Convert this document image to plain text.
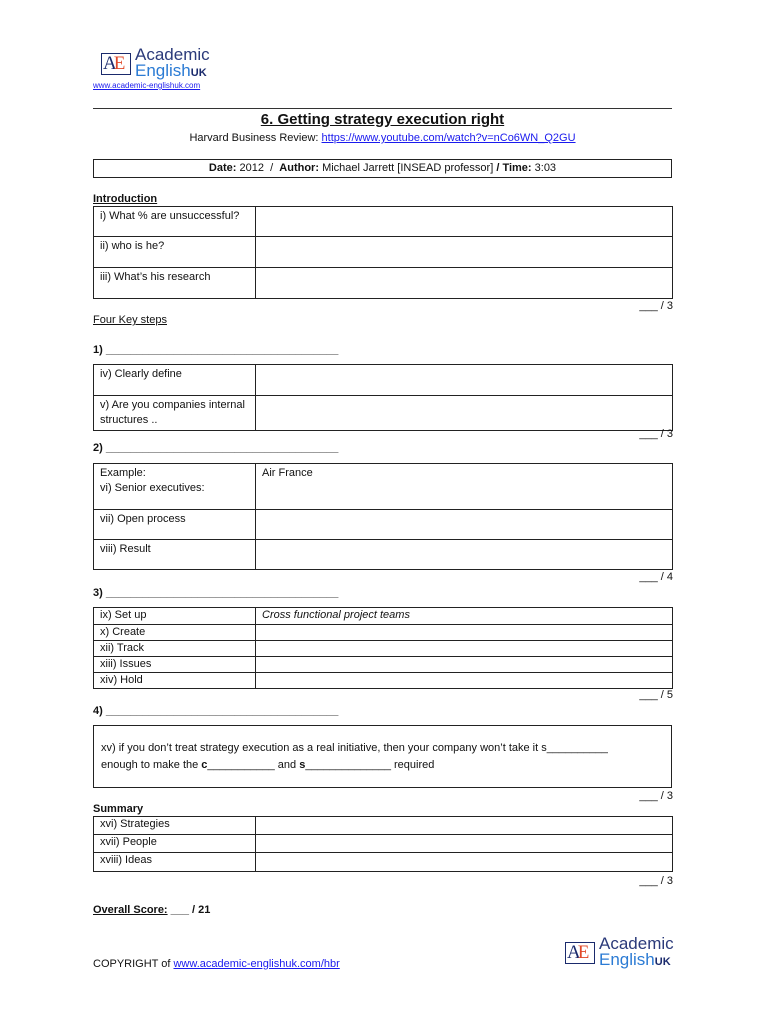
AE Academic
EnglishUK
www.academic-englishuk.com
6. Getting strategy execution right
Harvard Business Review: https://www.youtube.com/watch?v=nCo6WN_Q2GU
Date: 2012 / Author: Michael Jarrett [INSEAD professor] / Time: 3:03
Introduction
i) What % are unsuccessful?	
ii) who is he?	
iii) What’s his research	
___ / 3
Four Key steps
1) ______________________________________
iv) Clearly define	
v) Are you companies internal structures ..	
___ / 3
2) ______________________________________
Example:
vi) Senior executives:	Air France
vii) Open process	
viii) Result	
___ / 4
3) ______________________________________
ix) Set up	Cross functional project teams
x) Create	
xii) Track	
xiii) Issues	
xiv) Hold	
___ / 5
4) ______________________________________
xv) if you don’t treat strategy execution as a real initiative, then your company won’t take it s__________
enough to make the c___________ and s______________ required
___ / 3
Summary
xvi) Strategies	
xvii) People	
xviii) Ideas	
___ / 3
Overall Score: ___ / 21
AE Academic
EnglishUK
COPYRIGHT of www.academic-englishuk.com/hbr
